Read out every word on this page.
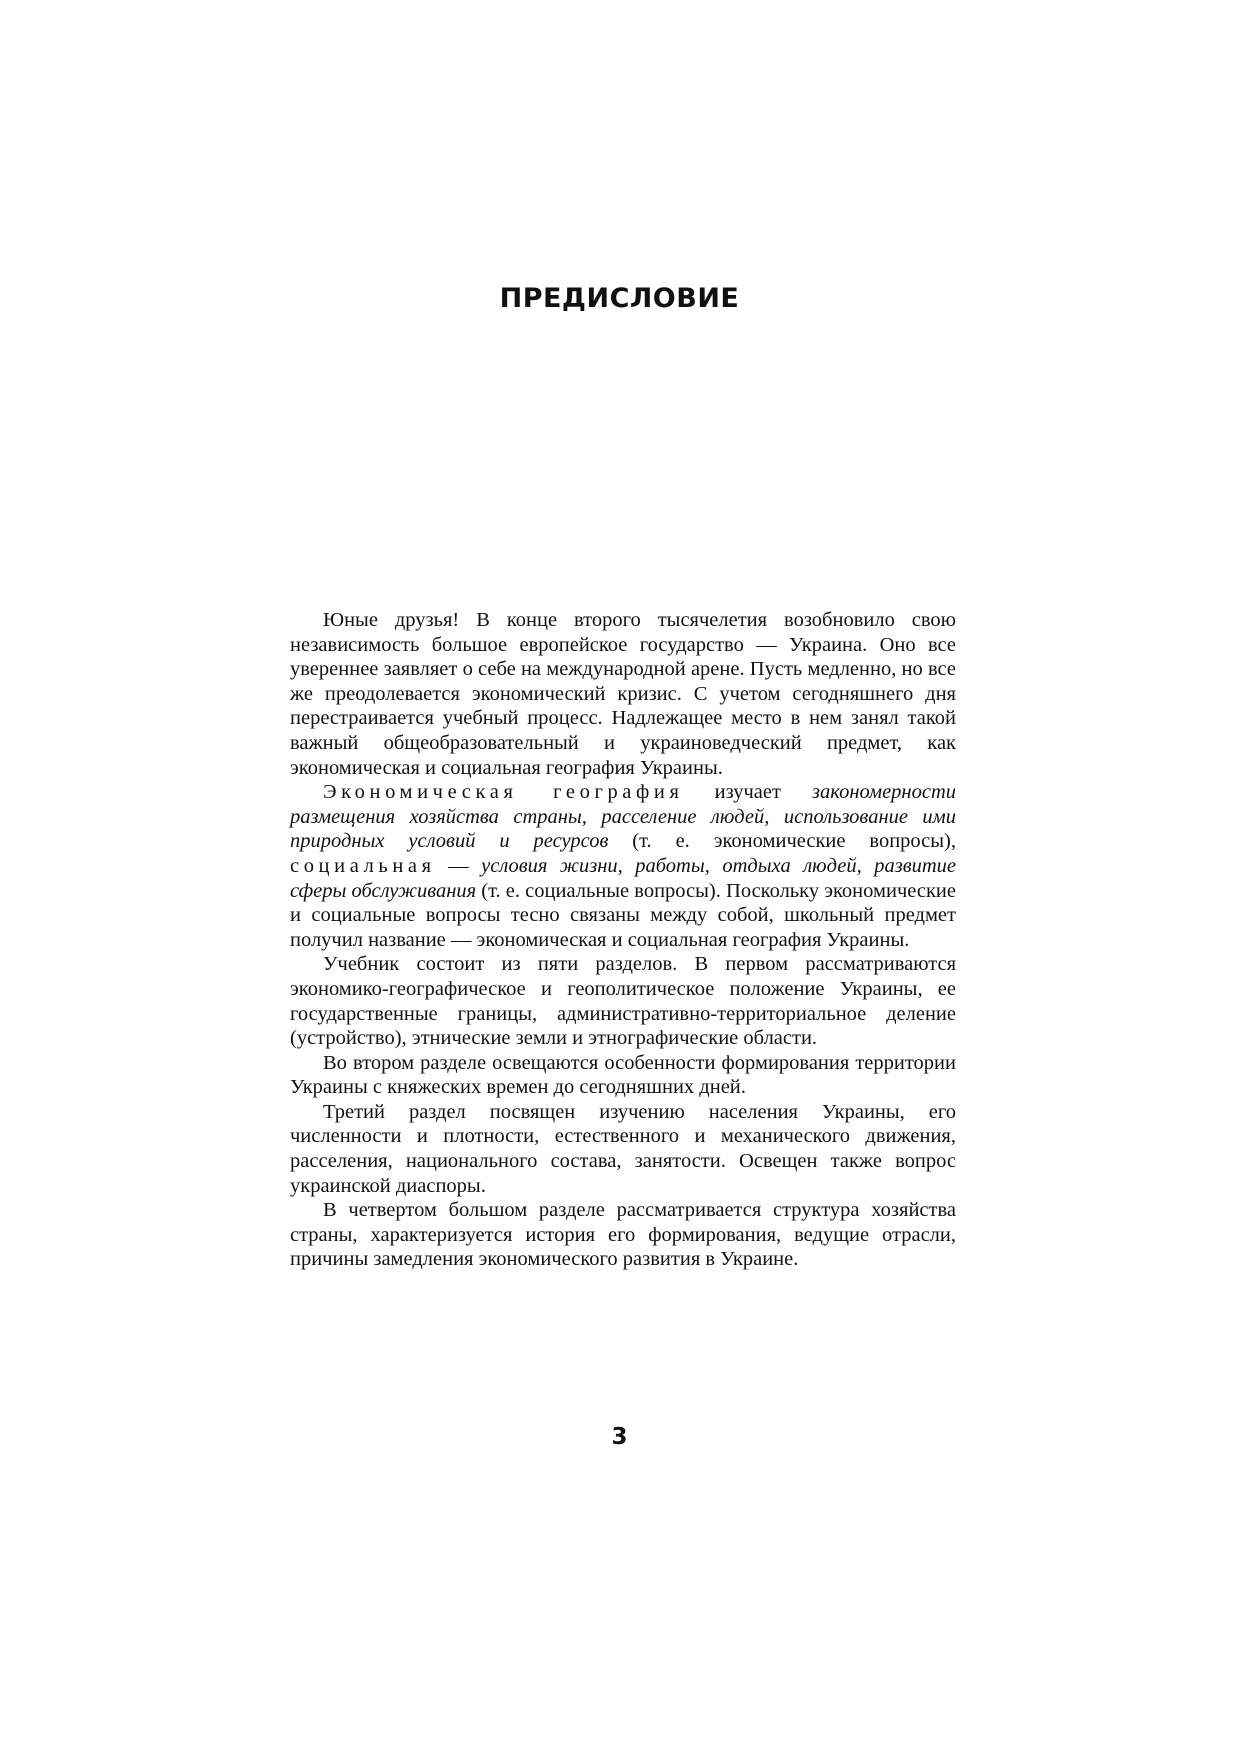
ПРЕДИСЛОВИЕ

Юные друзья! В конце второго тысячелетия возобновило свою независимость большое европейское государство — Украина. Оно все увереннее заявляет о себе на международной арене. Пусть медленно, но все же преодолевается экономический кризис. С учетом сегодняшнего дня перестраивается учебный процесс. Надлежащее место в нем занял такой важный общеобразовательный и украиноведческий предмет, как экономическая и социальная география Украины.

Экономическая география изучает закономерности размещения хозяйства страны, расселение людей, использование ими природных условий и ресурсов (т. е. экономические вопросы), социальная — условия жизни, работы, отдыха людей, развитие сферы обслуживания (т. е. социальные вопросы). Поскольку экономические и социальные вопросы тесно связаны между собой, школьный предмет получил название — экономическая и социальная география Украины.

Учебник состоит из пяти разделов. В первом рассматриваются экономико-географическое и геополитическое положение Украины, ее государственные границы, административно-территориальное деление (устройство), этнические земли и этнографические области.

Во втором разделе освещаются особенности формирования территории Украины с княжеских времен до сегодняшних дней.

Третий раздел посвящен изучению населения Украины, его численности и плотности, естественного и механического движения, расселения, национального состава, занятости. Освещен также вопрос украинской диаспоры.

В четвертом большом разделе рассматривается структура хозяйства страны, характеризуется история его формирования, ведущие отрасли, причины замедления экономического развития в Украине.

3
